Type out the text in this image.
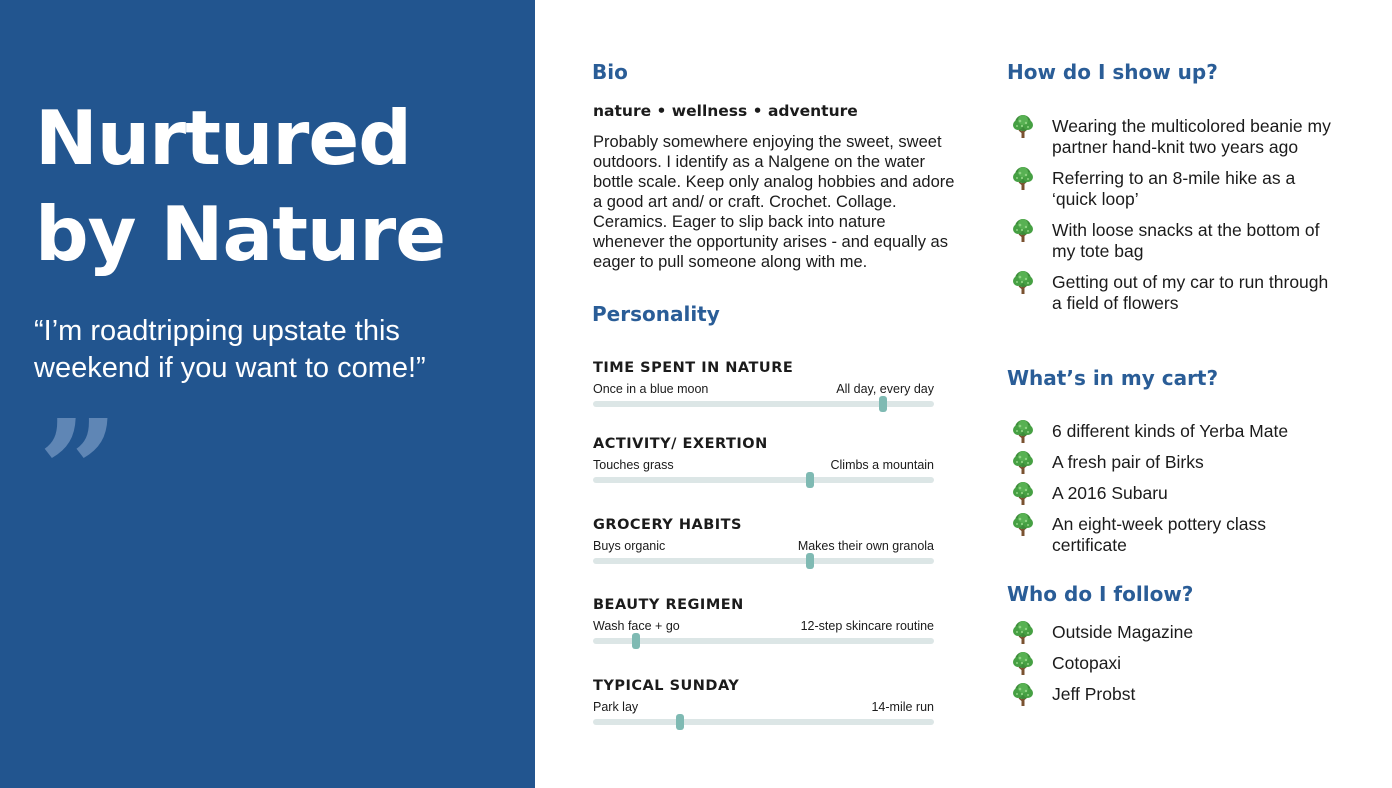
Nurtured
by Nature
“I’m roadtripping upstate this
weekend if you want to come!”
”
Bio
nature • wellness • adventure
Probably somewhere enjoying the sweet, sweet outdoors. I identify as a Nalgene on the water bottle scale. Keep only analog hobbies and adore a good art and/ or craft. Crochet. Collage. Ceramics. Eager to slip back into nature whenever the opportunity arises - and equally as eager to pull someone along with me.
Personality
TIME SPENT IN NATURE
Once in a blue moon	All day, every day
ACTIVITY/ EXERTION
Touches grass	Climbs a mountain
GROCERY HABITS
Buys organic	Makes their own granola
BEAUTY REGIMEN
Wash face + go	12-step skincare routine
TYPICAL SUNDAY
Park lay	14-mile run
How do I show up?
Wearing the multicolored beanie my
partner hand-knit two years ago
Referring to an 8-mile hike as a
‘quick loop’
With loose snacks at the bottom of
my tote bag
Getting out of my car to run through
a field of flowers
What’s in my cart?
6 different kinds of Yerba Mate
A fresh pair of Birks
A 2016 Subaru
An eight-week pottery class
certificate
Who do I follow?
Outside Magazine
Cotopaxi
Jeff Probst
